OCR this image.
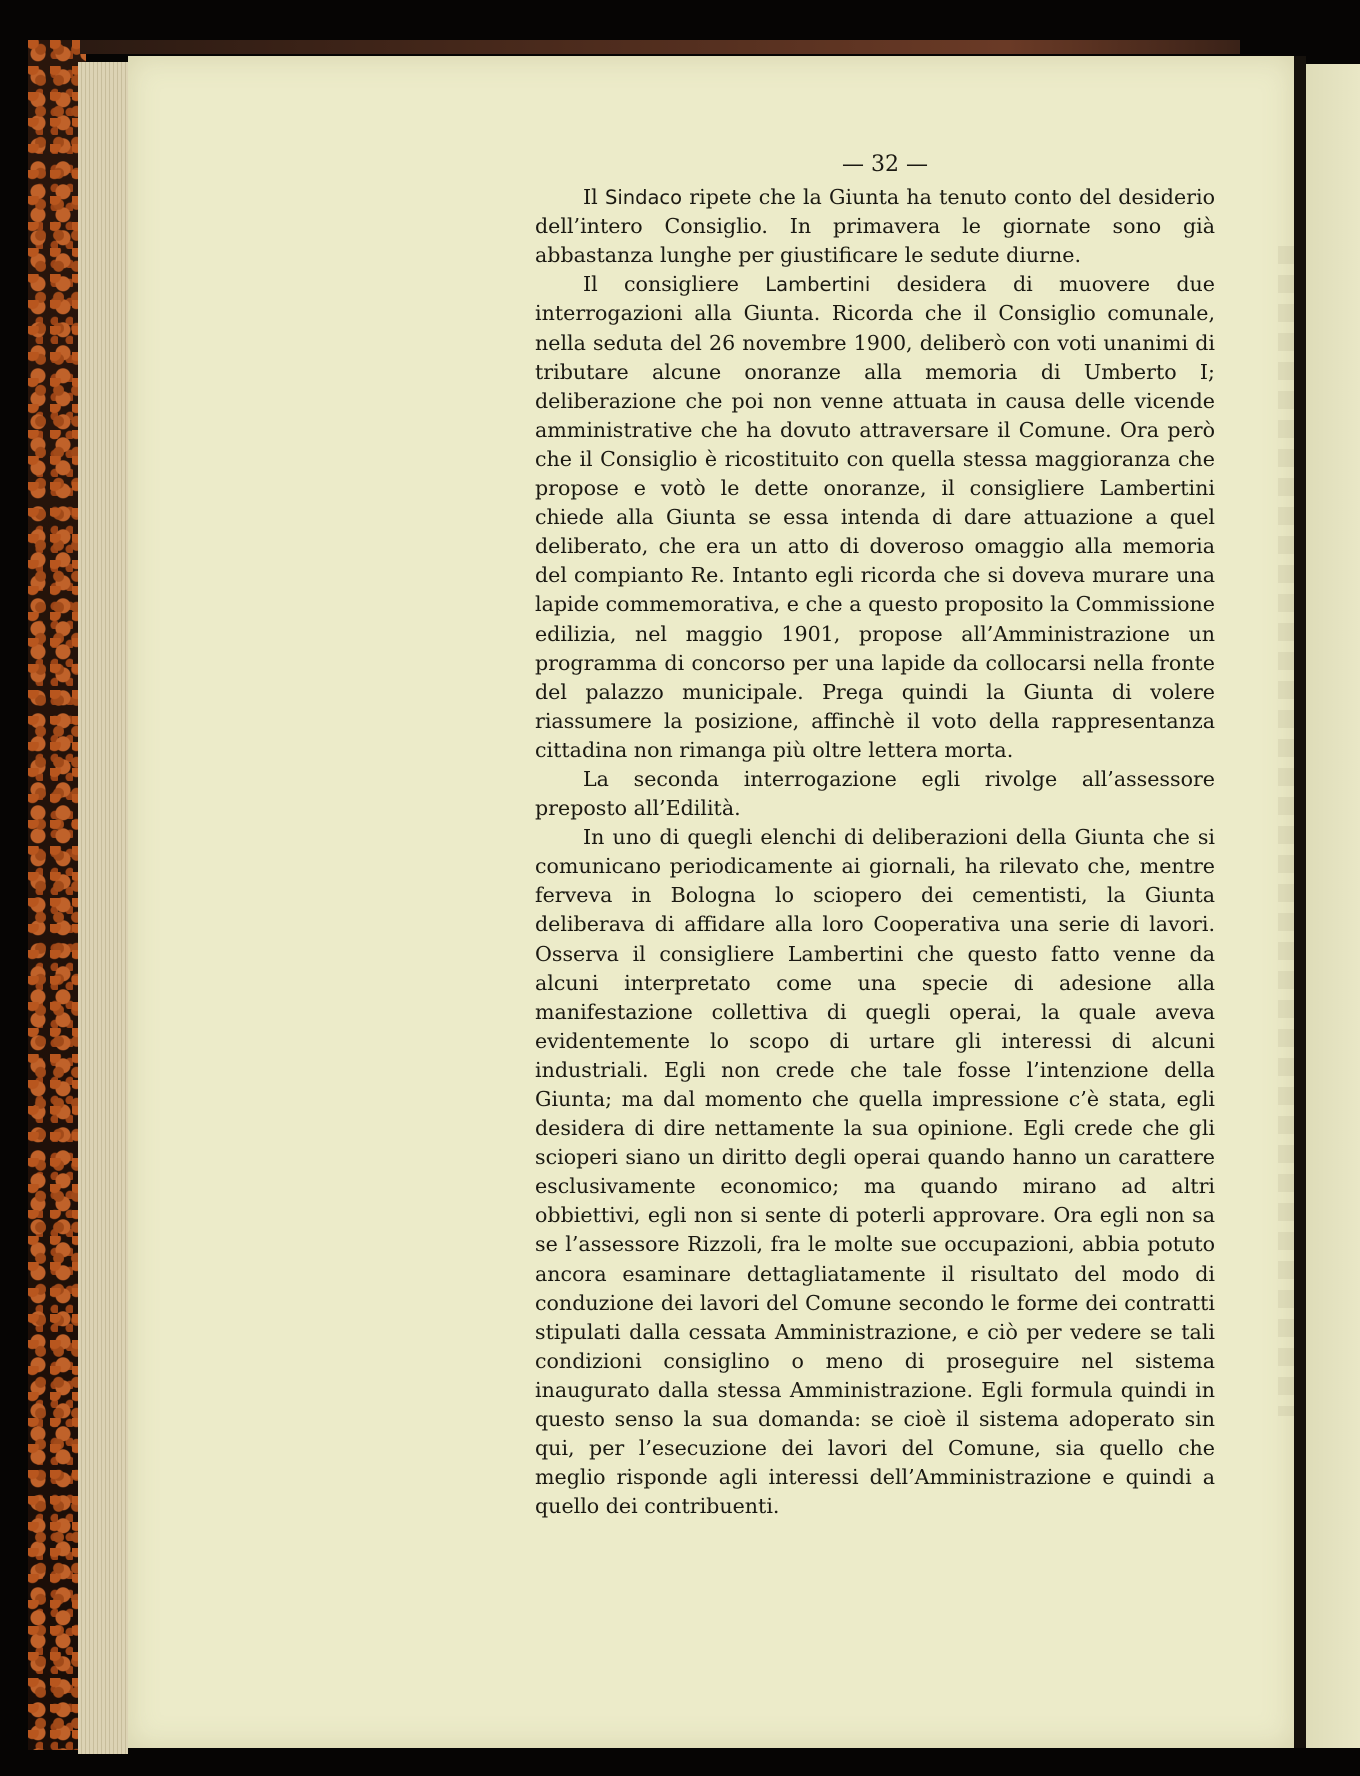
— 32 —

Il Sindaco ripete che la Giunta ha tenuto conto del desiderio dell’intero Consiglio. In primavera le giornate sono già abbastanza lunghe per giustificare le sedute diurne.

Il consigliere Lambertini desidera di muovere due interrogazioni alla Giunta. Ricorda che il Consiglio comunale, nella seduta del 26 novembre 1900, deliberò con voti unanimi di tributare alcune onoranze alla memoria di Umberto I; deliberazione che poi non venne attuata in causa delle vicende amministrative che ha dovuto attraversare il Comune. Ora però che il Consiglio è ricostituito con quella stessa maggioranza che propose e votò le dette onoranze, il consigliere Lambertini chiede alla Giunta se essa intenda di dare attuazione a quel deliberato, che era un atto di doveroso omaggio alla memoria del compianto Re. Intanto egli ricorda che si doveva murare una lapide commemorativa, e che a questo proposito la Commissione edilizia, nel maggio 1901, propose all’Amministrazione un programma di concorso per una lapide da collocarsi nella fronte del palazzo municipale. Prega quindi la Giunta di volere riassumere la posizione, affinchè il voto della rappresentanza cittadina non rimanga più oltre lettera morta.

La seconda interrogazione egli rivolge all’assessore preposto all’Edilità.

In uno di quegli elenchi di deliberazioni della Giunta che si comunicano periodicamente ai giornali, ha rilevato che, mentre ferveva in Bologna lo sciopero dei cementisti, la Giunta deliberava di affidare alla loro Cooperativa una serie di lavori. Osserva il consigliere Lambertini che questo fatto venne da alcuni interpretato come una specie di adesione alla manifestazione collettiva di quegli operai, la quale aveva evidentemente lo scopo di urtare gli interessi di alcuni industriali. Egli non crede che tale fosse l’intenzione della Giunta; ma dal momento che quella impressione c’è stata, egli desidera di dire nettamente la sua opinione. Egli crede che gli scioperi siano un diritto degli operai quando hanno un carattere esclusivamente economico; ma quando mirano ad altri obbiettivi, egli non si sente di poterli approvare. Ora egli non sa se l’assessore Rizzoli, fra le molte sue occupazioni, abbia potuto ancora esaminare dettagliatamente il risultato del modo di conduzione dei lavori del Comune secondo le forme dei contratti stipulati dalla cessata Amministrazione, e ciò per vedere se tali condizioni consiglino o meno di proseguire nel sistema inaugurato dalla stessa Amministrazione. Egli formula quindi in questo senso la sua domanda: se cioè il sistema adoperato sin qui, per l’esecuzione dei lavori del Comune, sia quello che meglio risponde agli interessi dell’Amministrazione e quindi a quello dei contribuenti.
